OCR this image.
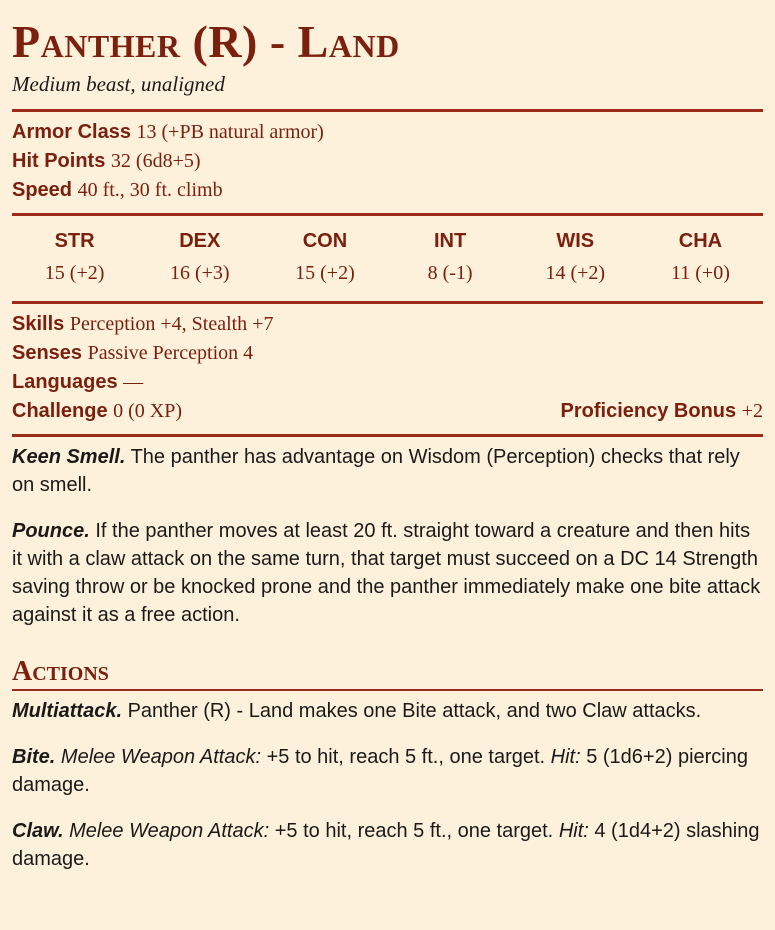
Panther (R) - Land

Medium beast, unaligned

Armor Class 13 (+PB natural armor)
Hit Points 32 (6d8+5)
Speed 40 ft., 30 ft. climb
STR
15 (+2)
DEX
16 (+3)
CON
15 (+2)
INT
8 (-1)
WIS
14 (+2)
CHA
11 (+0)
Skills Perception +4, Stealth +7
Senses Passive Perception 4
Languages —
Challenge 0 (0 XP)	Proficiency Bonus +2

Keen Smell. The panther has advantage on Wisdom (Perception) checks that rely on smell.

Pounce. If the panther moves at least 20 ft. straight toward a creature and then hits it with a claw attack on the same turn, that target must succeed on a DC 14 Strength saving throw or be knocked prone and the panther immediately make one bite attack against it as a free action.

Actions

Multiattack. Panther (R) - Land makes one Bite attack, and two Claw attacks.

Bite. Melee Weapon Attack: +5 to hit, reach 5 ft., one target. Hit: 5 (1d6+2) piercing damage.

Claw. Melee Weapon Attack: +5 to hit, reach 5 ft., one target. Hit: 4 (1d4+2) slashing damage.
